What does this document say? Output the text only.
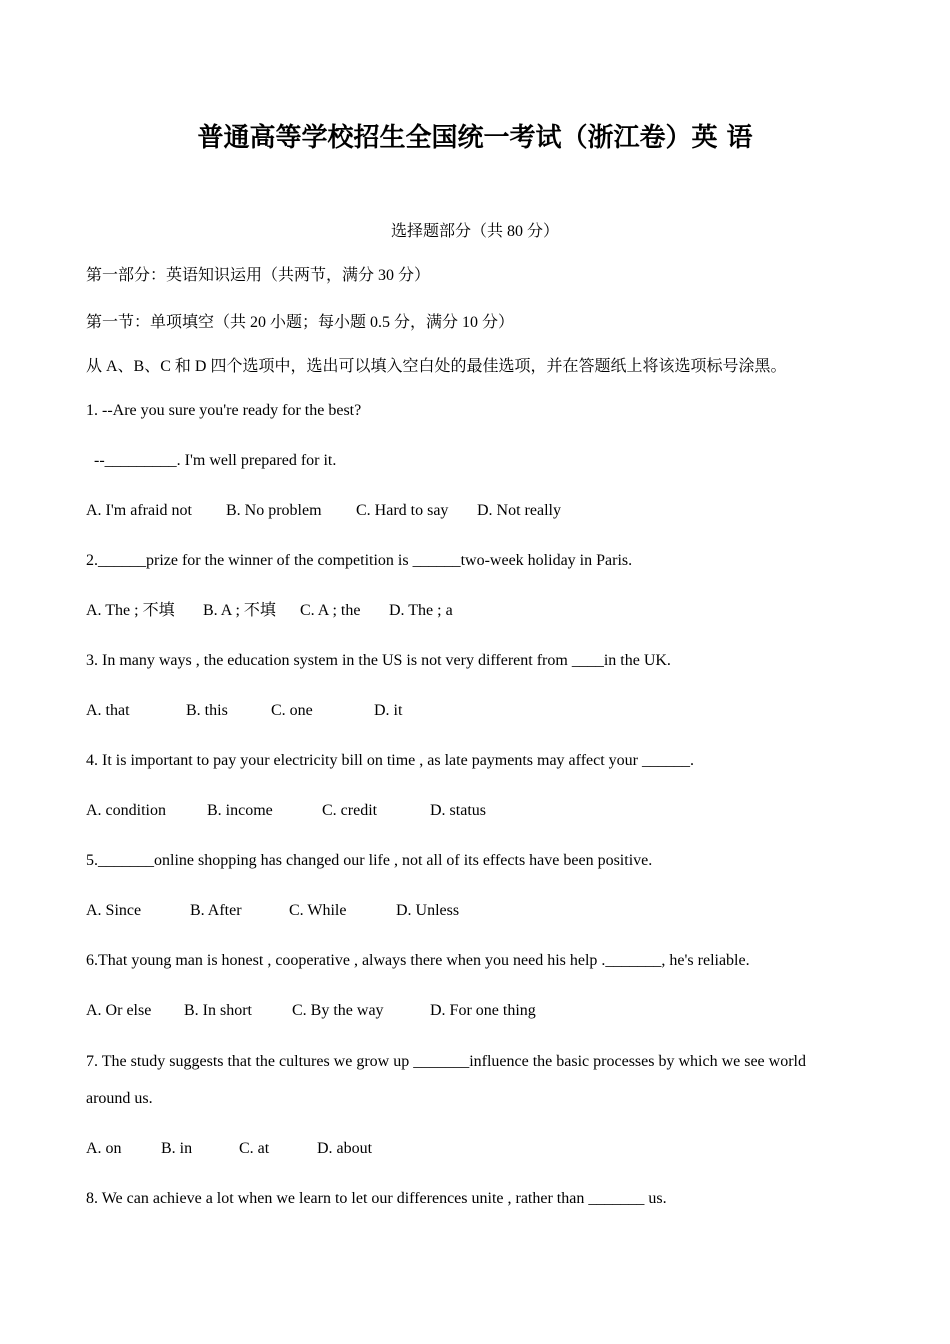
普通高等学校招生全国统一考试（浙江卷）英 语
选择题部分（共 80 分）
第一部分：英语知识运用（共两节，满分 30 分）
第一节：单项填空（共 20 小题；每小题 0.5 分，满分 10 分）
从 A、B、C 和 D 四个选项中，选出可以填入空白处的最佳选项，并在答题纸上将该选项标号涂黑。
1. --Are you sure you're ready for the best?
--_________. I'm well prepared for it.
A. I'm afraid not B. No problem C. Hard to say D. Not really
2.______prize for the winner of the competition is ______two-week holiday in Paris.
A. The ; 不填 B. A ; 不填 C. A ; the D. The ; a
3. In many ways , the education system in the US is not very different from ____in the UK.
A. that	B. this	C. one	D. it
4. It is important to pay your electricity bill on time , as late payments may affect your ______.
A. condition	B. income	C. credit	D. status
5._______online shopping has changed our life , not all of its effects have been positive.
A. Since	B. After	C. While	D. Unless
6.That young man is honest , cooperative , always there when you need his help ._______, he's reliable.
A. Or else B. In short	C. By the way	D. For one thing
7. The study suggests that the cultures we grow up _______influence the basic processes by which we see world
around us.
A. on B. in	C. at	D. about
8. We can achieve a lot when we learn to let our differences unite , rather than _______ us.
